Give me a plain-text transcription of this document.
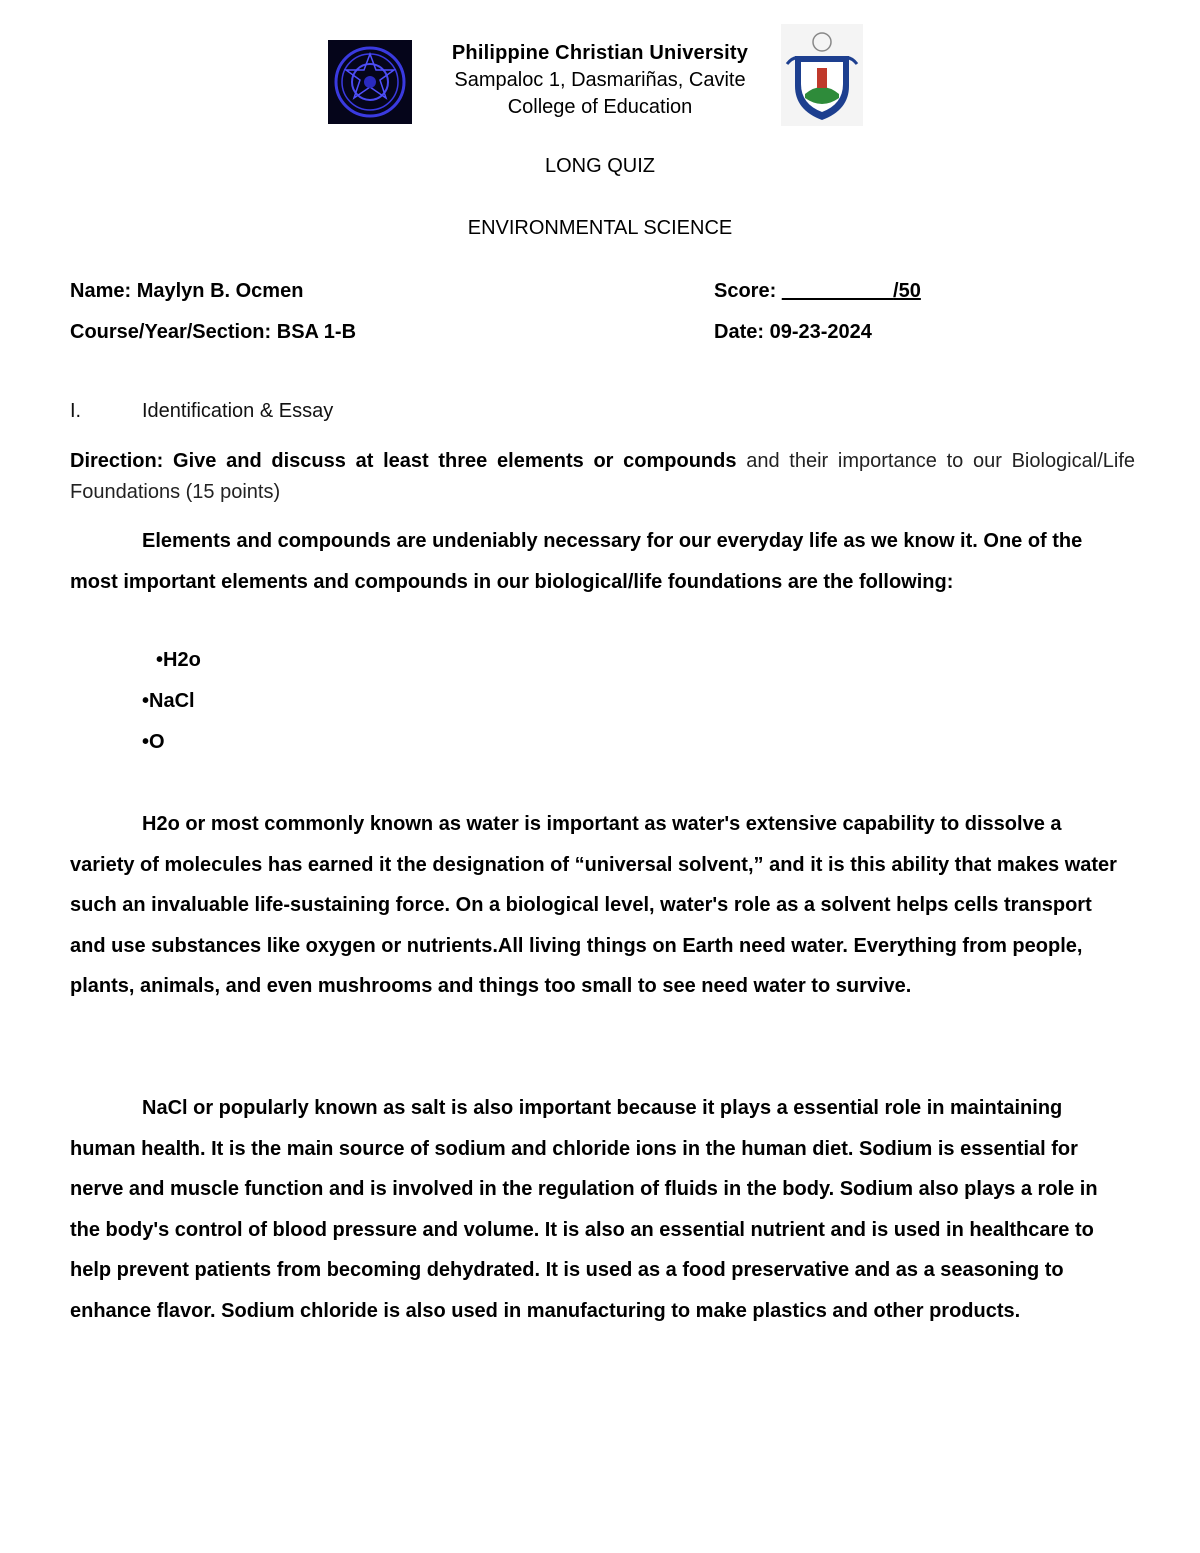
Philippine Christian University
Sampaloc 1, Dasmariñas, Cavite
College of Education
LONG QUIZ
ENVIRONMENTAL SCIENCE
Name: Maylyn B. Ocmen
Course/Year/Section: BSA 1-B
Score: __________/50
Date: 09-23-2024
I.	Identification & Essay
Direction: Give and discuss at least three elements or compounds and their importance to our Biological/Life Foundations (15 points)
Elements and compounds are undeniably necessary for our everyday life as we know it. One of the most important elements and compounds in our biological/life foundations are the following:
•H2o
•NaCl
•O
H2o or most commonly known as water is important as water's extensive capability to dissolve a variety of molecules has earned it the designation of “universal solvent,” and it is this ability that makes water such an invaluable life-sustaining force. On a biological level, water's role as a solvent helps cells transport and use substances like oxygen or nutrients.All living things on Earth need water. Everything from people, plants, animals, and even mushrooms and things too small to see need water to survive.
NaCl or popularly known as salt is also important because it plays a essential role in maintaining human health. It is the main source of sodium and chloride ions in the human diet. Sodium is essential for nerve and muscle function and is involved in the regulation of fluids in the body. Sodium also plays a role in the body's control of blood pressure and volume. It is also an essential nutrient and is used in healthcare to help prevent patients from becoming dehydrated. It is used as a food preservative and as a seasoning to enhance flavor. Sodium chloride is also used in manufacturing to make plastics and other products.
